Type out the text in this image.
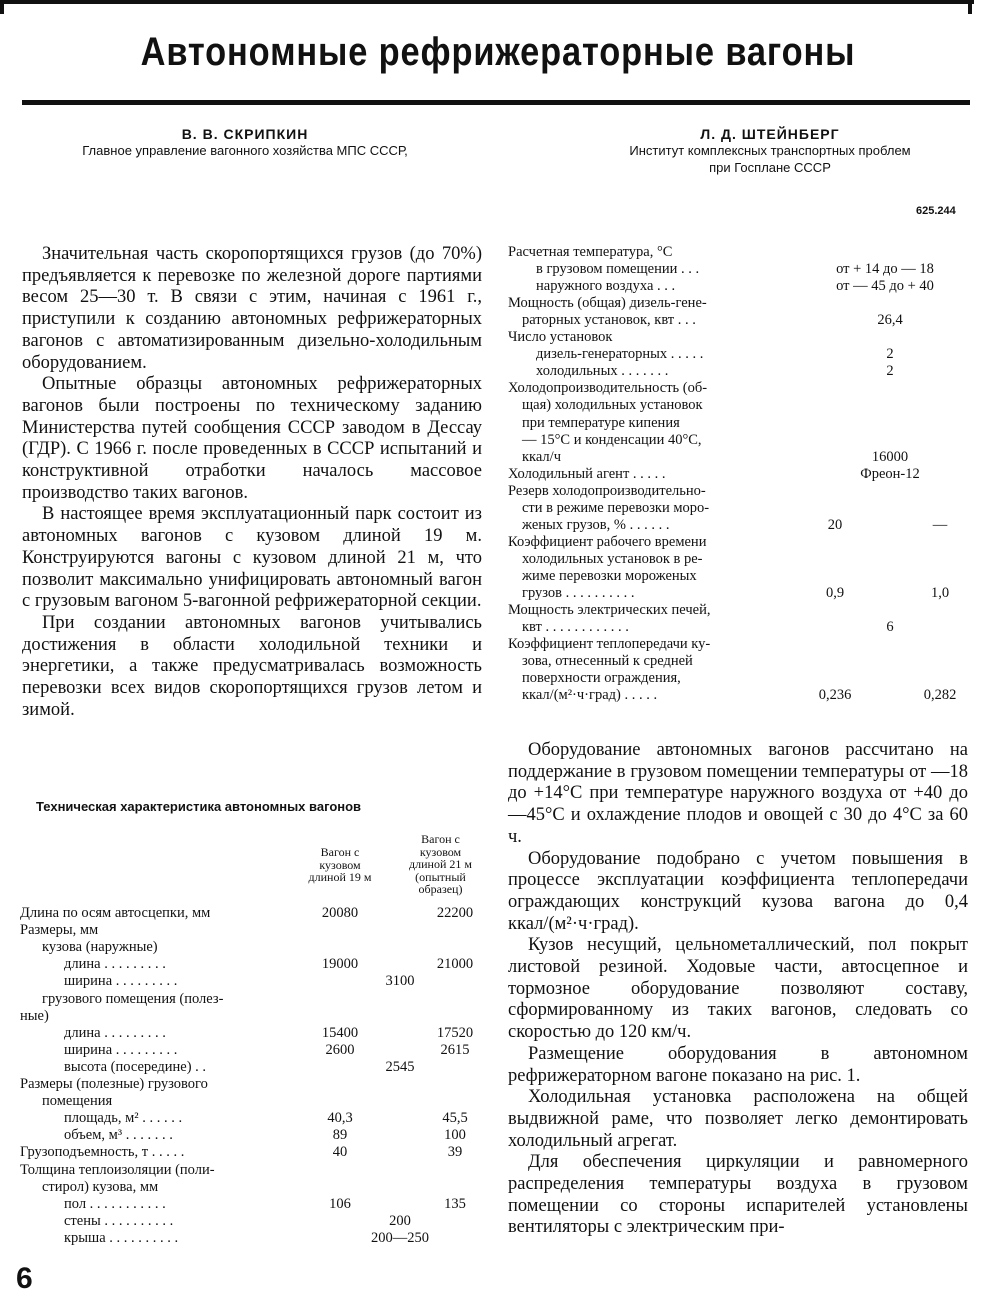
Автономные рефрижераторные вагоны
В. В. СКРИПКИН
Главное управление вагонного хозяйства МПС СССР,
Л. Д. ШТЕЙНБЕРГ
Институт комплексных транспортных проблем
при Госплане СССР
625.244

Значительная часть скоропортящихся грузов (до 70%) предъявляется к перевозке по железной дороге партиями весом 25—30 т. В связи с этим, начиная с 1961 г., приступили к созданию автономных рефрижераторных вагонов с автоматизированным дизельно-холодильным оборудованием.

Опытные образцы автономных рефрижераторных вагонов были построены по техническому заданию Министерства путей сообщения СССР заводом в Дессау (ГДР). С 1966 г. после проведенных в СССР испытаний и конструктивной отработки началось массовое производство таких вагонов.

В настоящее время эксплуатационный парк состоит из автономных вагонов с кузовом длиной 19 м. Конструируются вагоны с кузовом длиной 21 м, что позволит максимально унифицировать автономный вагон с грузовым вагоном 5-вагонной рефрижераторной секции.

При создании автономных вагонов учитывались достижения в области холодильной техники и энергетики, а также предусматривалась возможность перевозки всех видов скоропортящихся грузов летом и зимой.

Техническая характеристика автономных вагонов
Вагон с
кузовом
длиной 19 м
Вагон с
кузовом
длиной 21 м
(опытный
образец)
Длина по осям автосцепки, мм	20080	22200
Размеры, мм
кузова (наружные)
длина . . . . . . . . .	19000	21000
ширина . . . . . . . . .	3100
грузового помещения (полез-
ные)
длина . . . . . . . . .	15400	17520
ширина . . . . . . . . .	2600	2615
высота (посередине) . .	2545
Размеры (полезные) грузового
помещения
площадь, м² . . . . . .	40,3	45,5
объем, м³ . . . . . . .	89	100
Грузоподъемность, т . . . . .	40	39
Толщина теплоизоляции (поли-
стирол) кузова, мм
пол . . . . . . . . . . .	106	135
стены . . . . . . . . . .	200
крыша . . . . . . . . . .	200—250
Расчетная температура, °С
в грузовом помещении . . .	от + 14 до — 18
наружного воздуха . . .	от — 45 до + 40
Мощность (общая) дизель-гене-
раторных установок, квт . . .	26,4
Число установок
дизель-генераторных . . . . .	2
холодильных . . . . . . .	2
Холодопроизводительность (об-
щая) холодильных установок
при температуре кипения
— 15°С и конденсации 40°С,
ккал/ч	16000
Холодильный агент . . . . .	Фреон-12
Резерв холодопроизводительно-
сти в режиме перевозки моро-
женых грузов, % . . . . . .	20	—
Коэффициент рабочего времени
холодильных установок в ре-
жиме перевозки мороженых
грузов . . . . . . . . . .	0,9	1,0
Мощность электрических печей,
квт . . . . . . . . . . . .	6
Коэффициент теплопередачи ку-
зова, отнесенный к средней
поверхности ограждения,
ккал/(м²·ч·град) . . . . .	0,236	0,282

Оборудование автономных вагонов рассчитано на поддержание в грузовом помещении температуры от —18 до +14°С при температуре наружного воздуха от +40 до —45°С и охлаждение плодов и овощей с 30 до 4°С за 60 ч.

Оборудование подобрано с учетом повышения в процессе эксплуатации коэффициента теплопередачи ограждающих конструкций кузова вагона до 0,4 ккал/(м²·ч·град).

Кузов несущий, цельнометаллический, пол покрыт листовой резиной. Ходовые части, автосцепное и тормозное оборудование позволяют составу, сформированному из таких вагонов, следовать со скоростью до 120 км/ч.

Размещение оборудования в автономном рефрижераторном вагоне показано на рис. 1.

Холодильная установка расположена на общей выдвижной раме, что позволяет легко демонтировать холодильный агрегат.

Для обеспечения циркуляции и равномерного распределения температуры воздуха в грузовом помещении со стороны испарителей установлены вентиляторы с электрическим при-

6
